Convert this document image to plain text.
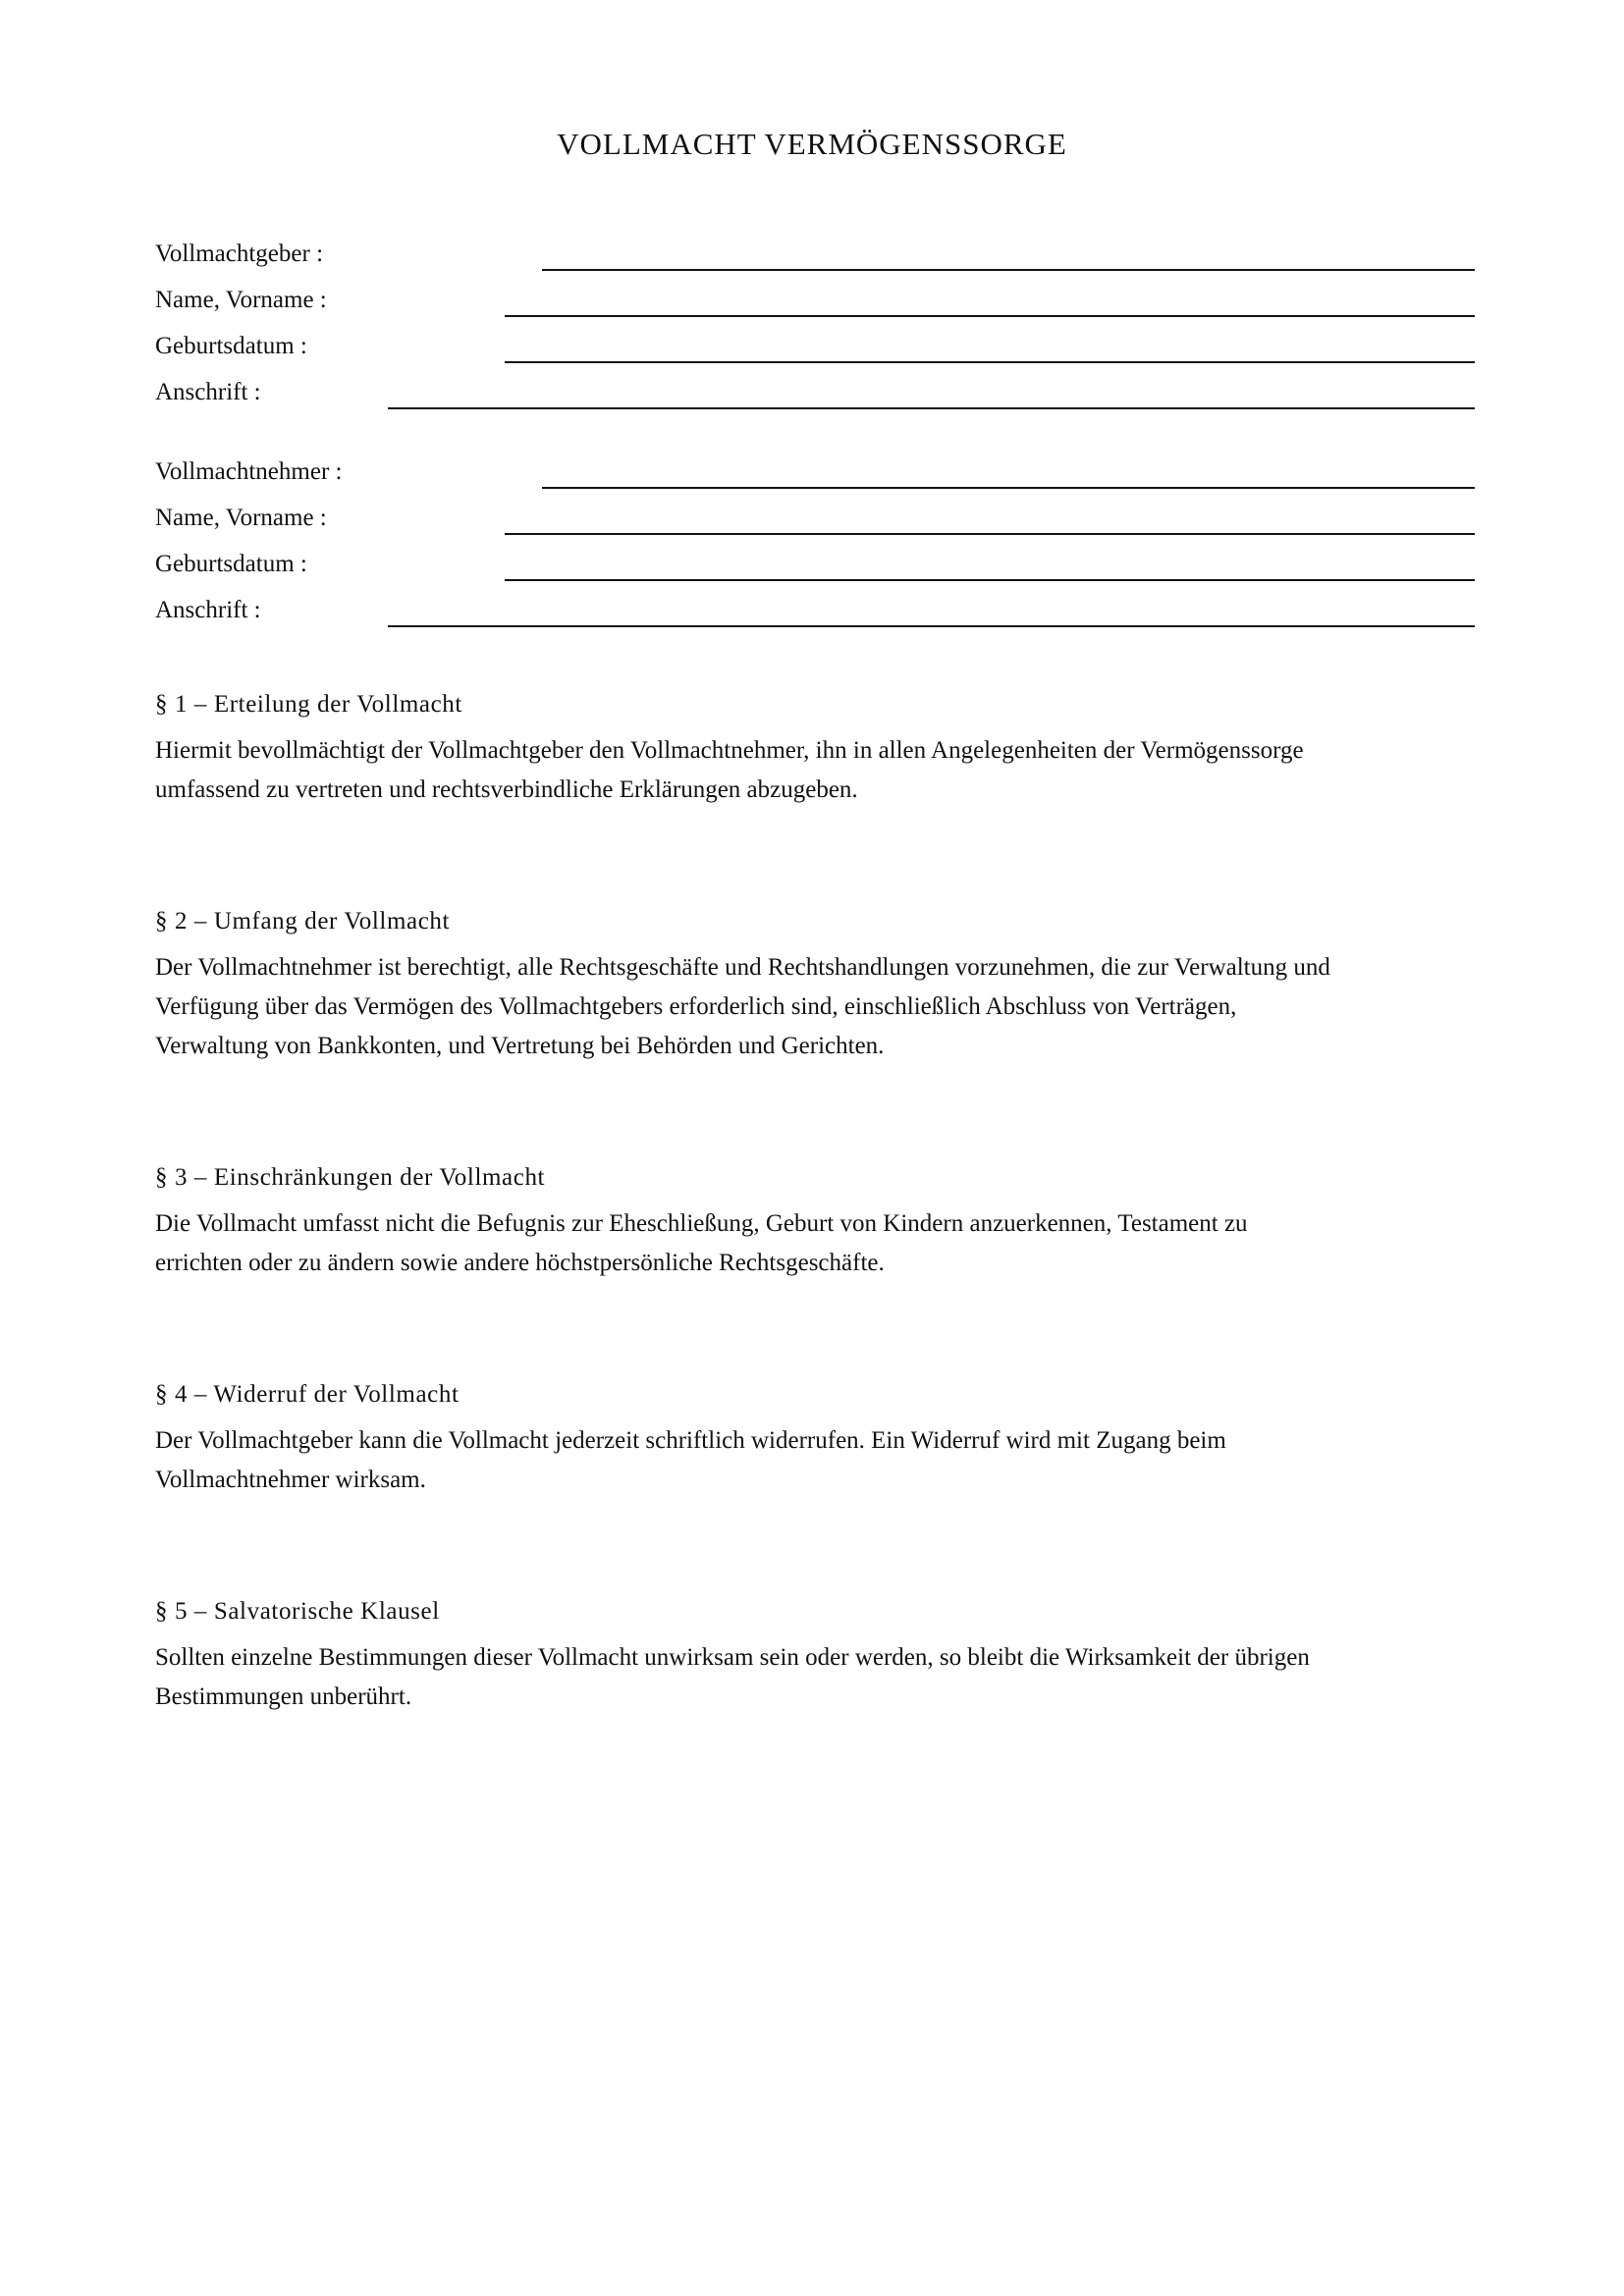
VOLLMACHT VERMÖGENSSORGE
Vollmachtgeber :
Name, Vorname :
Geburtsdatum :
Anschrift :
Vollmachtnehmer :
Name, Vorname :
Geburtsdatum :
Anschrift :
§ 1 – Erteilung der Vollmacht

Hiermit bevollmächtigt der Vollmachtgeber den Vollmachtnehmer, ihn in allen Angelegenheiten der Vermögenssorge
umfassend zu vertreten und rechtsverbindliche Erklärungen abzugeben.

§ 2 – Umfang der Vollmacht

Der Vollmachtnehmer ist berechtigt, alle Rechtsgeschäfte und Rechtshandlungen vorzunehmen, die zur Verwaltung und
Verfügung über das Vermögen des Vollmachtgebers erforderlich sind, einschließlich Abschluss von Verträgen,
Verwaltung von Bankkonten, und Vertretung bei Behörden und Gerichten.

§ 3 – Einschränkungen der Vollmacht

Die Vollmacht umfasst nicht die Befugnis zur Eheschließung, Geburt von Kindern anzuerkennen, Testament zu
errichten oder zu ändern sowie andere höchstpersönliche Rechtsgeschäfte.

§ 4 – Widerruf der Vollmacht

Der Vollmachtgeber kann die Vollmacht jederzeit schriftlich widerrufen. Ein Widerruf wird mit Zugang beim
Vollmachtnehmer wirksam.

§ 5 – Salvatorische Klausel

Sollten einzelne Bestimmungen dieser Vollmacht unwirksam sein oder werden, so bleibt die Wirksamkeit der übrigen
Bestimmungen unberührt.
